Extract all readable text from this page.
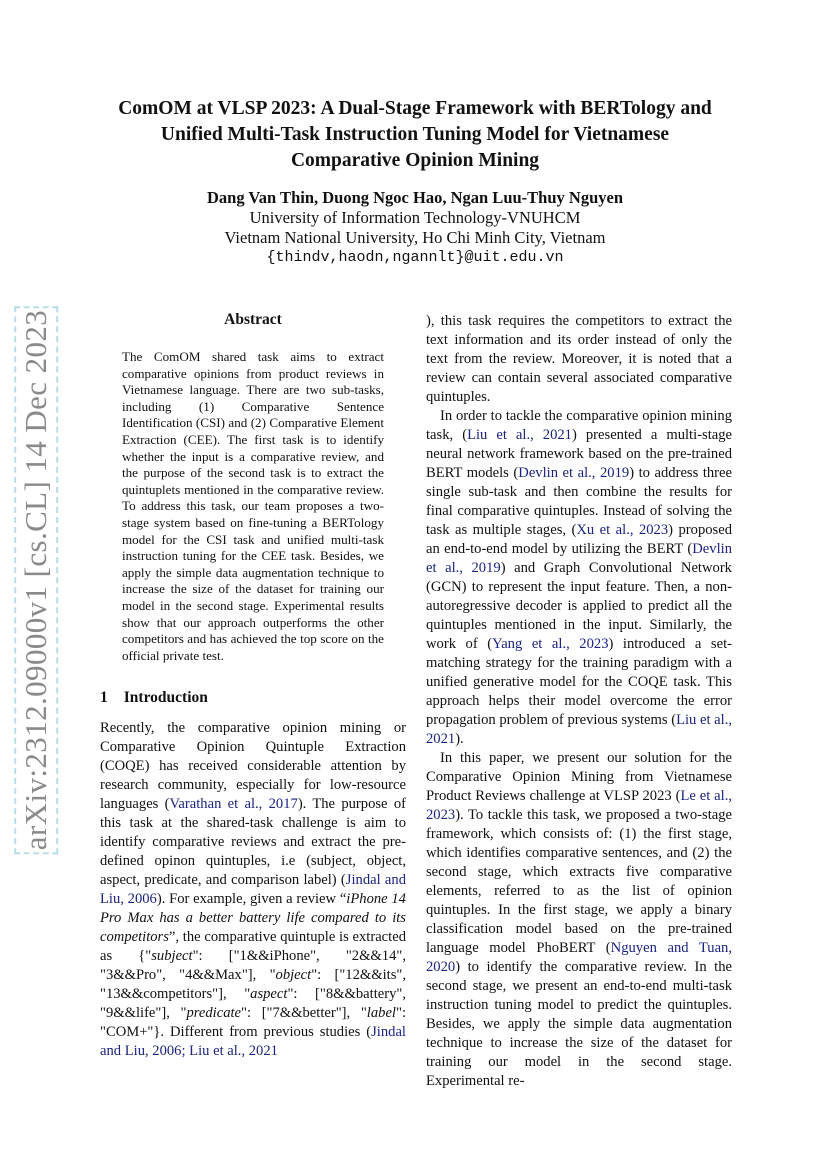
arXiv:2312.09000v1 [cs.CL] 14 Dec 2023
ComOM at VLSP 2023: A Dual-Stage Framework with BERTology and
Unified Multi-Task Instruction Tuning Model for Vietnamese
Comparative Opinion Mining
Dang Van Thin, Duong Ngoc Hao, Ngan Luu-Thuy Nguyen
University of Information Technology-VNUHCM
Vietnam National University, Ho Chi Minh City, Vietnam
{thindv,haodn,ngannlt}@uit.edu.vn
Abstract
The ComOM shared task aims to extract comparative opinions from product reviews in Vietnamese language. There are two sub-tasks, including (1) Comparative Sentence Identification (CSI) and (2) Comparative Element Extraction (CEE). The first task is to identify whether the input is a comparative review, and the purpose of the second task is to extract the quintuplets mentioned in the comparative review. To address this task, our team proposes a two-stage system based on fine-tuning a BERTology model for the CSI task and unified multi-task instruction tuning for the CEE task. Besides, we apply the simple data augmentation technique to increase the size of the dataset for training our model in the second stage. Experimental results show that our approach outperforms the other competitors and has achieved the top score on the official private test.
1 Introduction

Recently, the comparative opinion mining or Comparative Opinion Quintuple Extraction (COQE) has received considerable attention by research community, especially for low-resource languages (Varathan et al., 2017). The purpose of this task at the shared-task challenge is aim to identify comparative reviews and extract the pre-defined opinon quintuples, i.e (subject, object, aspect, predicate, and comparison label) (Jindal and Liu, 2006). For example, given a review “iPhone 14 Pro Max has a better battery life compared to its competitors”, the comparative quintuple is extracted as {"subject": ["1&&iPhone", "2&&14", "3&&Pro", "4&&Max"], "object": ["12&&its", "13&&competitors"], "aspect": ["8&&battery", "9&&life"], "predicate": ["7&&better"], "label": "COM+"}. Different from previous studies (Jindal and Liu, 2006; Liu et al., 2021

), this task requires the competitors to extract the text information and its order instead of only the text from the review. Moreover, it is noted that a review can contain several associated comparative quintuples.

In order to tackle the comparative opinion mining task, (Liu et al., 2021) presented a multi-stage neural network framework based on the pre-trained BERT models (Devlin et al., 2019) to address three single sub-task and then combine the results for final comparative quintuples. Instead of solving the task as multiple stages, (Xu et al., 2023) proposed an end-to-end model by utilizing the BERT (Devlin et al., 2019) and Graph Convolutional Network (GCN) to represent the input feature. Then, a non-autoregressive decoder is applied to predict all the quintuples mentioned in the input. Similarly, the work of (Yang et al., 2023) introduced a set-matching strategy for the training paradigm with a unified generative model for the COQE task. This approach helps their model overcome the error propagation problem of previous systems (Liu et al., 2021).

In this paper, we present our solution for the Comparative Opinion Mining from Vietnamese Product Reviews challenge at VLSP 2023 (Le et al., 2023). To tackle this task, we proposed a two-stage framework, which consists of: (1) the first stage, which identifies comparative sentences, and (2) the second stage, which extracts five comparative elements, referred to as the list of opinion quintuples. In the first stage, we apply a binary classification model based on the pre-trained language model PhoBERT (Nguyen and Tuan, 2020) to identify the comparative review. In the second stage, we present an end-to-end multi-task instruction tuning model to predict the quintuples. Besides, we apply the simple data augmentation technique to increase the size of the dataset for training our model in the second stage. Experimental re-
